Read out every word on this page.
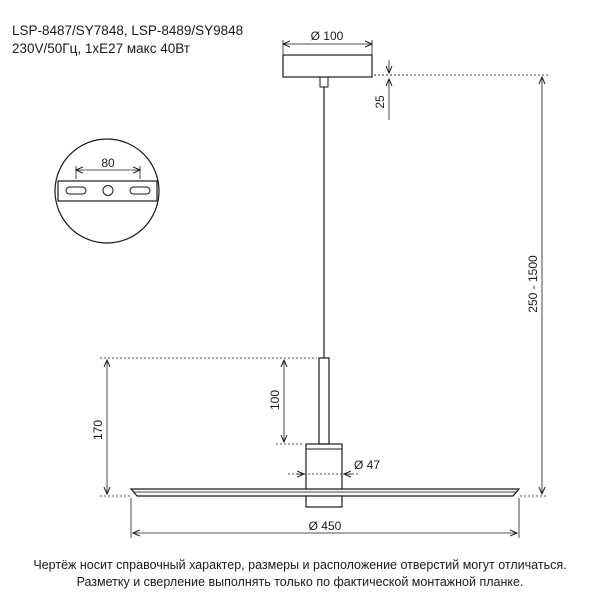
LSP-8487/SY7848, LSP-8489/SY9848
230V/50Гц, 1xE27 макс 40Вт
Ø 100
25
80
250 - 1500
170
100
Ø 47
Ø 450
Чертёж носит справочный характер, размеры и расположение отверстий могут отличаться.
Разметку и сверление выполнять только по фактической монтажной планке.
